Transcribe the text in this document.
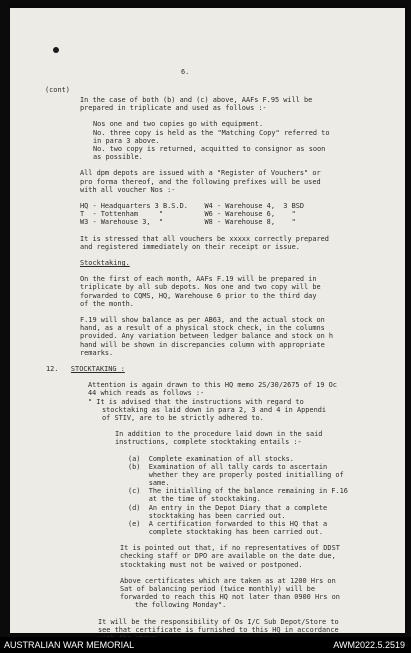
(cont)
6.
In the case of both (b) and (c) above, AAFs F.95 will be
prepared in triplicate and used as follows :-
Nos one and two copies go with equipment.
No. three copy is held as the "Matching Copy" referred to
in para 3 above.
No. two copy is returned, acquitted to consignor as soon
as possible.
All dpm depots are issued with a "Register of Vouchers" or
pro forma thereof, and the following prefixes will be used
with all voucher Nos :-
HQ - Headquarters 3 B.S.D.    W4 - Warehouse 4,  3 BSD
T  - Tottenham     "          W6 - Warehouse 6,    "
W3 - Warehouse 3,  "          W8 - Warehouse 8,    "
It is stressed that all vouchers be xxxxx correctly prepared
and registered immediately on their receipt or issue.
Stocktaking.
On the first of each month, AAFs F.19 will be prepared in
triplicate by all sub depots. Nos one and two copy will be
forwarded to CQMS, HQ, Warehouse 6 prior to the third day
of the month.
F.19 will show balance as per AB63, and the actual stock on
hand, as a result of a physical stock check, in the columns
provided. Any variation between ledger balance and stock on h
hand will be shown in discrepancies column with appropriate
remarks.
12.   STOCKTAKING :
Attention is again drawn to this HQ memo 2S/30/2675 of 19 Oc
44 which reads as follows :-
" It is advised that the instructions with regard to
stocktaking as laid down in para 2, 3 and 4 in Appendi
of STIV, are to be strictly adhered to.
In addition to the procedure laid down in the said
instructions, complete stocktaking entails :-
(a)  Complete examination of all stocks.
(b)  Examination of all tally cards to ascertain
whether they are properly posted initialling of
same.
(c)  The initialling of the balance remaining in F.16
at the time of stocktaking.
(d)  An entry in the Depot Diary that a complete
stocktaking has been carried out.
(e)  A certification forwarded to this HQ that a
complete stocktaking has been carried out.
It is pointed out that, if no representatives of DDST
checking staff or DPO are available on the date due,
stocktaking must not be waived or postponed.
Above certificates which are taken as at 1200 Hrs on
Sat of balancing period (twice monthly) will be
forwarded to reach this HQ not later than 0900 Hrs on
the following Monday".
It will be the responsibility of Os I/C Sub Depot/Store to
see that certificate is furnished to this HQ in accordance
AUSTRALIAN WAR MEMORIAL	AWM2022.5.2519
